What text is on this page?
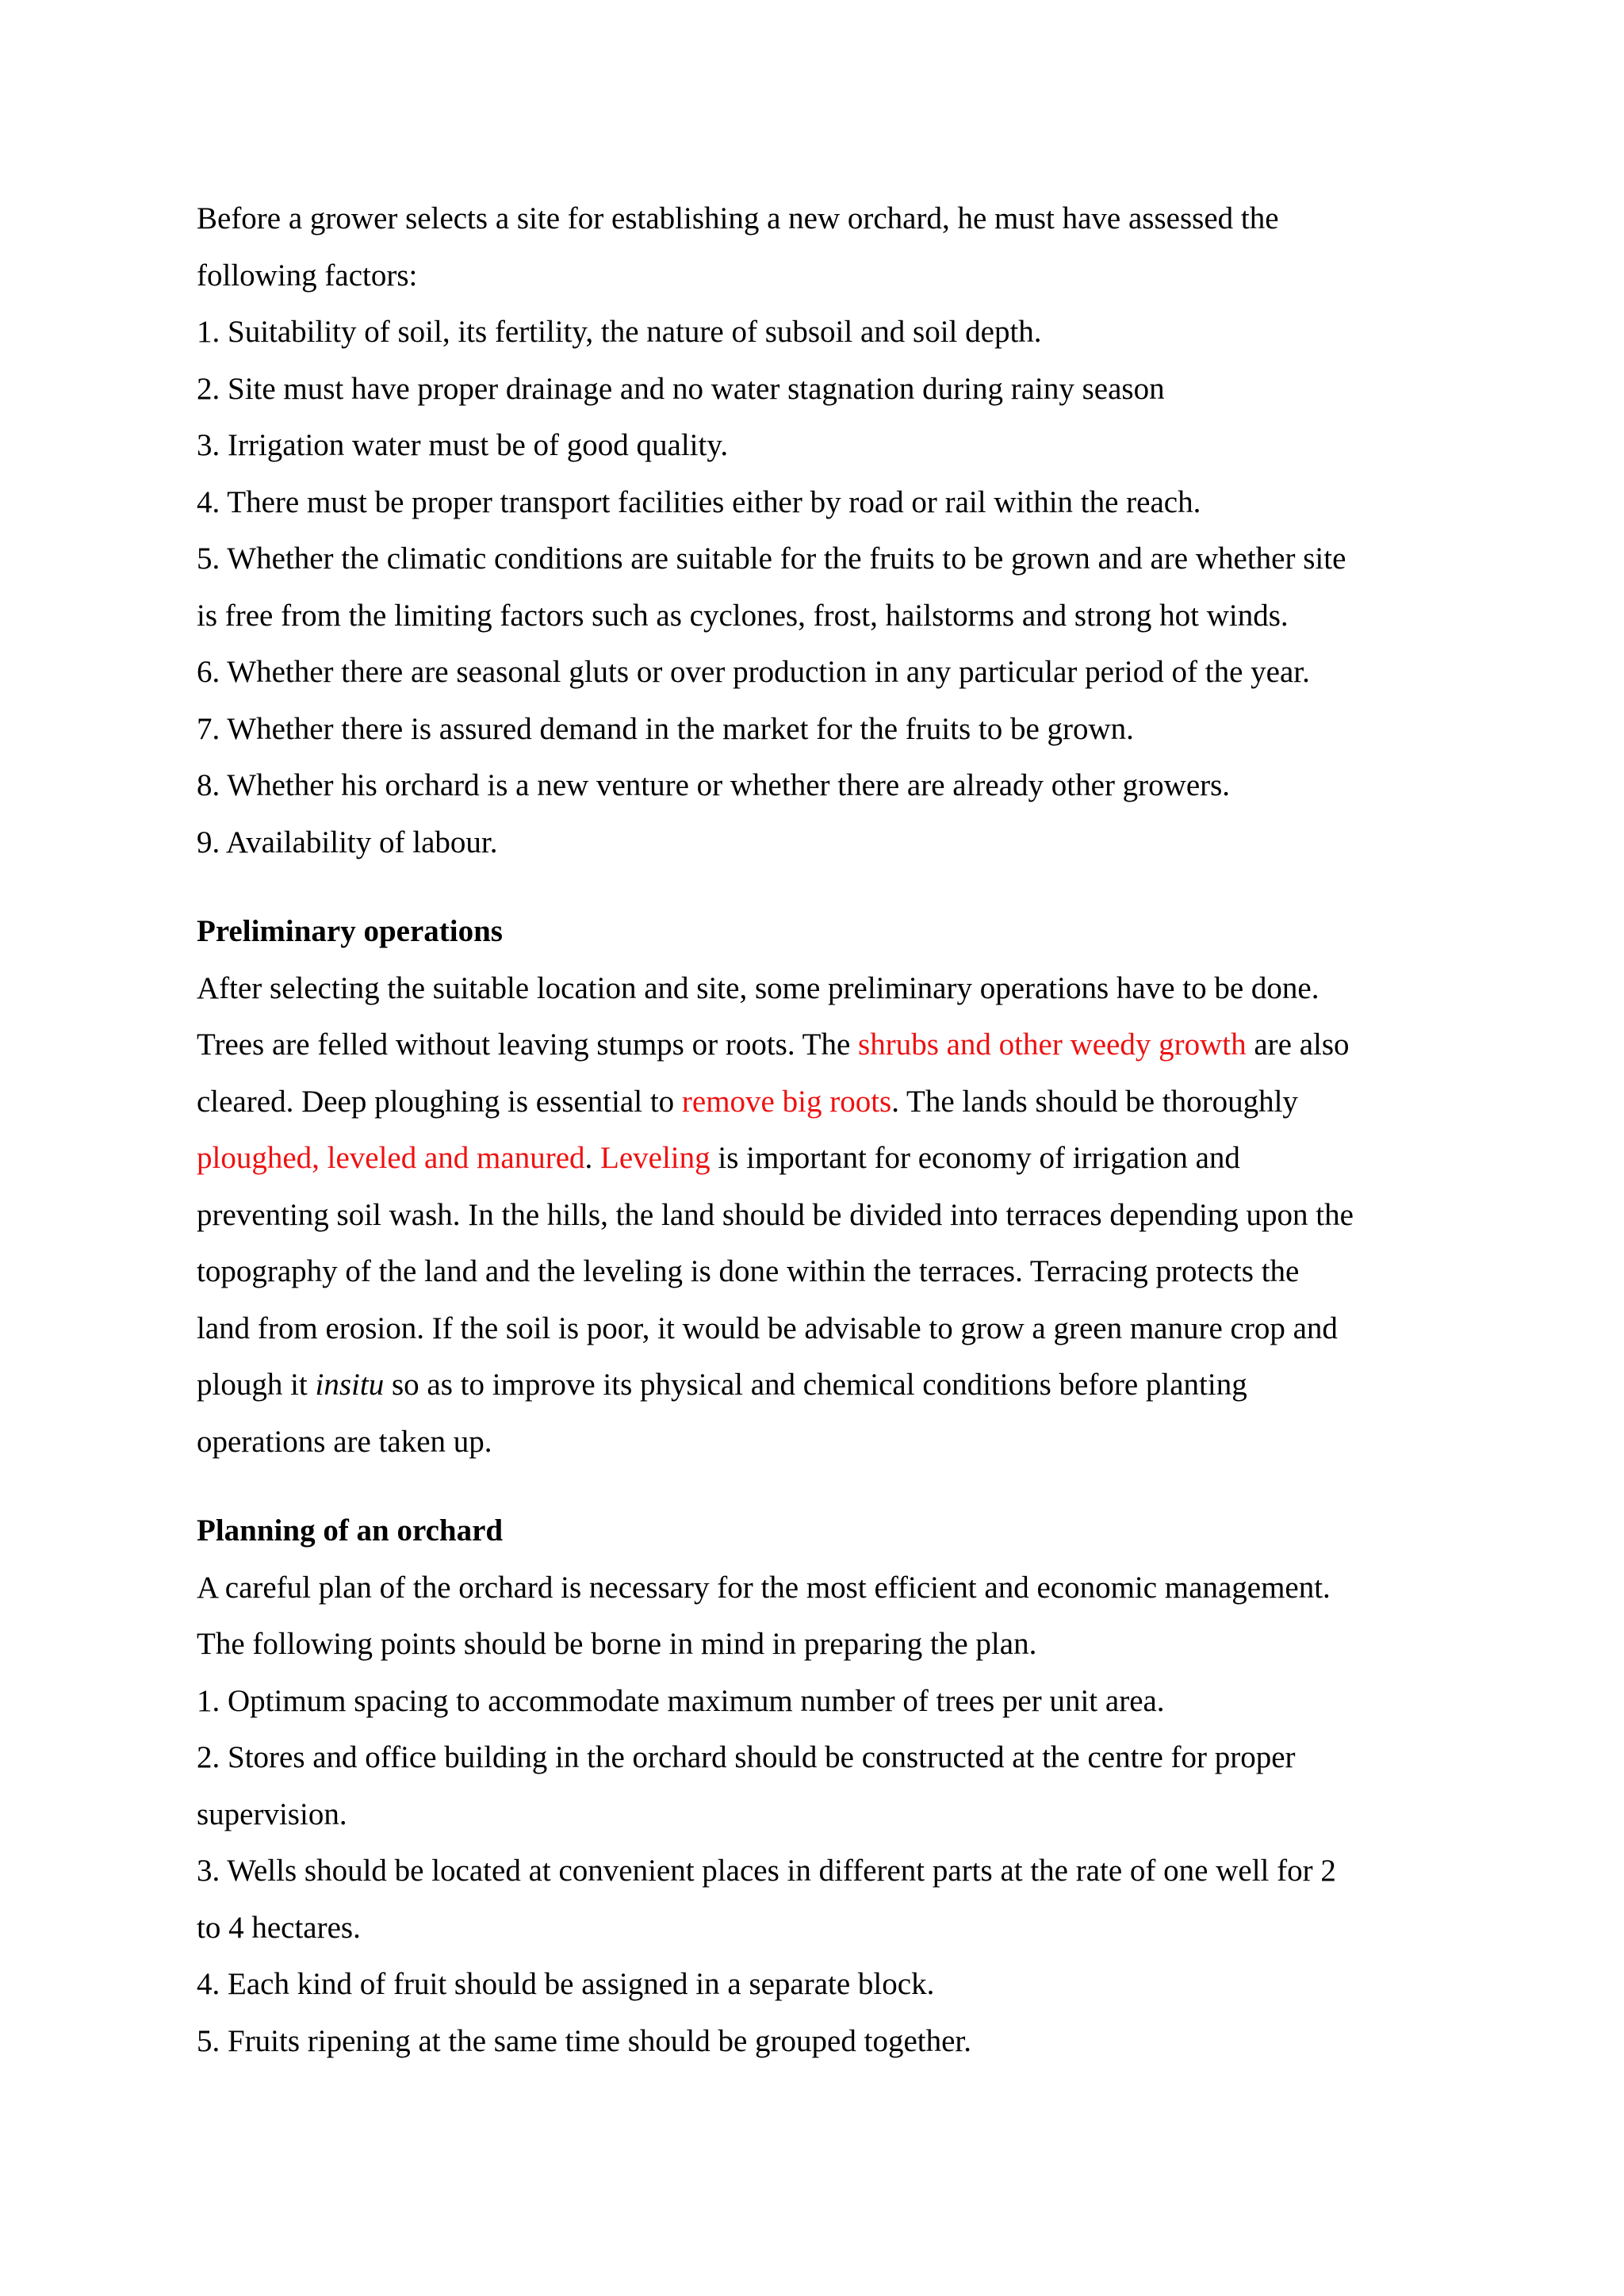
Before a grower selects a site for establishing a new orchard, he must have assessed the
following factors:
1. Suitability of soil, its fertility, the nature of subsoil and soil depth.
2. Site must have proper drainage and no water stagnation during rainy season
3. Irrigation water must be of good quality.
4. There must be proper transport facilities either by road or rail within the reach.
5. Whether the climatic conditions are suitable for the fruits to be grown and are whether site
is free from the limiting factors such as cyclones, frost, hailstorms and strong hot winds.
6. Whether there are seasonal gluts or over production in any particular period of the year.
7. Whether there is assured demand in the market for the fruits to be grown.
8. Whether his orchard is a new venture or whether there are already other growers.
9. Availability of labour.
Preliminary operations
After selecting the suitable location and site, some preliminary operations have to be done.
Trees are felled without leaving stumps or roots. The shrubs and other weedy growth are also
cleared. Deep ploughing is essential to remove big roots. The lands should be thoroughly
ploughed, leveled and manured. Leveling is important for economy of irrigation and
preventing soil wash. In the hills, the land should be divided into terraces depending upon the
topography of the land and the leveling is done within the terraces. Terracing protects the
land from erosion. If the soil is poor, it would be advisable to grow a green manure crop and
plough it insitu so as to improve its physical and chemical conditions before planting
operations are taken up.
Planning of an orchard
A careful plan of the orchard is necessary for the most efficient and economic management.
The following points should be borne in mind in preparing the plan.
1. Optimum spacing to accommodate maximum number of trees per unit area.
2. Stores and office building in the orchard should be constructed at the centre for proper
supervision.
3. Wells should be located at convenient places in different parts at the rate of one well for 2
to 4 hectares.
4. Each kind of fruit should be assigned in a separate block.
5. Fruits ripening at the same time should be grouped together.
